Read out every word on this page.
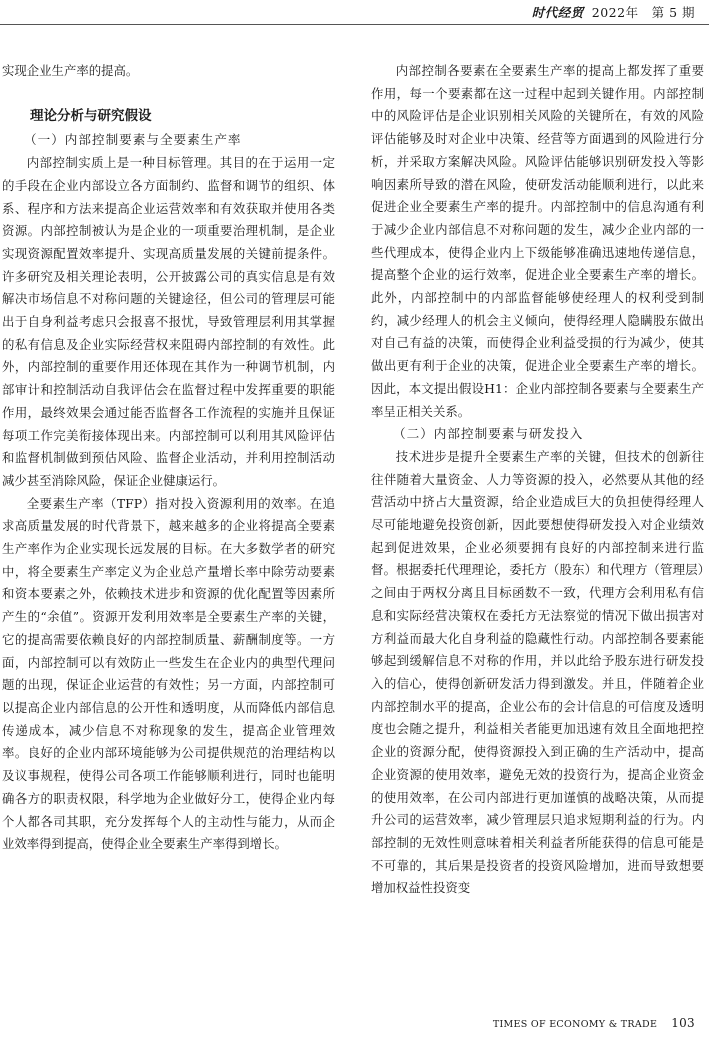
时代经贸 2022年　第 5 期

实现企业生产率的提高。

理论分析与研究假设
（一）内部控制要素与全要素生产率

内部控制实质上是一种目标管理。其目的在于运用一定的手段在企业内部设立各方面制约、监督和调节的组织、体系、程序和方法来提高企业运营效率和有效获取并使用各类资源。内部控制被认为是企业的一项重要治理机制，是企业实现资源配置效率提升、实现高质量发展的关键前提条件。许多研究及相关理论表明，公开披露公司的真实信息是有效解决市场信息不对称问题的关键途径，但公司的管理层可能出于自身利益考虑只会报喜不报忧，导致管理层利用其掌握的私有信息及企业实际经营权来阻碍内部控制的有效性。此外，内部控制的重要作用还体现在其作为一种调节机制，内部审计和控制活动自我评估会在监督过程中发挥重要的职能作用，最终效果会通过能否监督各工作流程的实施并且保证每项工作完美衔接体现出来。内部控制可以利用其风险评估和监督机制做到预估风险、监督企业活动，并利用控制活动减少甚至消除风险，保证企业健康运行。

全要素生产率（TFP）指对投入资源利用的效率。在追求高质量发展的时代背景下，越来越多的企业将提高全要素生产率作为企业实现长远发展的目标。在大多数学者的研究中，将全要素生产率定义为企业总产量增长率中除劳动要素和资本要素之外，依赖技术进步和资源的优化配置等因素所产生的“余值”。资源开发利用效率是全要素生产率的关键，它的提高需要依赖良好的内部控制质量、薪酬制度等。一方面，内部控制可以有效防止一些发生在企业内的典型代理问题的出现，保证企业运营的有效性；另一方面，内部控制可以提高企业内部信息的公开性和透明度，从而降低内部信息传递成本，减少信息不对称现象的发生，提高企业管理效率。良好的企业内部环境能够为公司提供规范的治理结构以及议事规程，使得公司各项工作能够顺利进行，同时也能明确各方的职责权限，科学地为企业做好分工，使得企业内每个人都各司其职，充分发挥每个人的主动性与能力，从而企业效率得到提高，使得企业全要素生产率得到增长。

内部控制各要素在全要素生产率的提高上都发挥了重要作用，每一个要素都在这一过程中起到关键作用。内部控制中的风险评估是企业识别相关风险的关键所在，有效的风险评估能够及时对企业中决策、经营等方面遇到的风险进行分析，并采取方案解决风险。风险评估能够识别研发投入等影响因素所导致的潜在风险，使研发活动能顺利进行，以此来促进企业全要素生产率的提升。内部控制中的信息沟通有利于减少企业内部信息不对称问题的发生，减少企业内部的一些代理成本，使得企业内上下级能够准确迅速地传递信息，提高整个企业的运行效率，促进企业全要素生产率的增长。此外，内部控制中的内部监督能够使经理人的权利受到制约，减少经理人的机会主义倾向，使得经理人隐瞒股东做出对自己有益的决策，而使得企业利益受损的行为减少，使其做出更有利于企业的决策，促进企业全要素生产率的增长。因此，本文提出假设H1：企业内部控制各要素与全要素生产率呈正相关关系。

（二）内部控制要素与研发投入

技术进步是提升全要素生产率的关键，但技术的创新往往伴随着大量资金、人力等资源的投入，必然要从其他的经营活动中挤占大量资源，给企业造成巨大的负担使得经理人尽可能地避免投资创新，因此要想使得研发投入对企业绩效起到促进效果，企业必须要拥有良好的内部控制来进行监督。根据委托代理理论，委托方（股东）和代理方（管理层）之间由于两权分离且目标函数不一致，代理方会利用私有信息和实际经营决策权在委托方无法察觉的情况下做出损害对方利益而最大化自身利益的隐藏性行动。内部控制各要素能够起到缓解信息不对称的作用，并以此给予股东进行研发投入的信心，使得创新研发活力得到激发。并且，伴随着企业内部控制水平的提高，企业公布的会计信息的可信度及透明度也会随之提升，利益相关者能更加迅速有效且全面地把控企业的资源分配，使得资源投入到正确的生产活动中，提高企业资源的使用效率，避免无效的投资行为，提高企业资金的使用效率，在公司内部进行更加谨慎的战略决策，从而提升公司的运营效率，减少管理层只追求短期利益的行为。内部控制的无效性则意味着相关利益者所能获得的信息可能是不可靠的，其后果是投资者的投资风险增加，进而导致想要增加权益性投资变

TIMES OF ECONOMY & TRADE 103
